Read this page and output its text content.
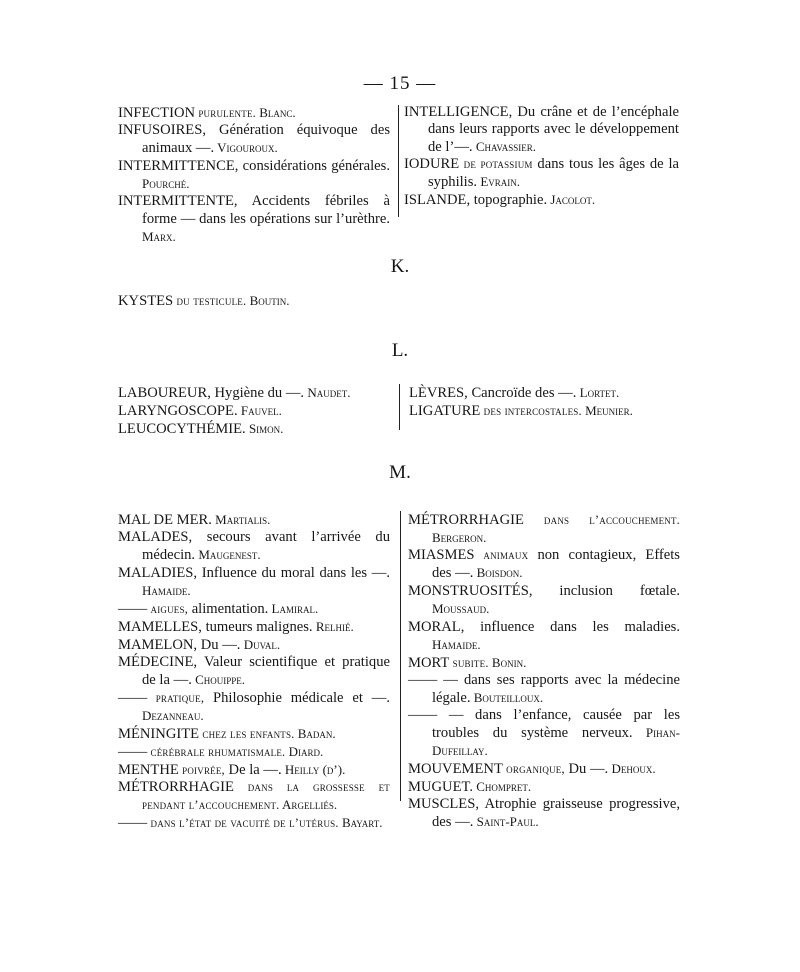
— 15 —
INFECTION purulente. Blanc.
INFUSOIRES, Génération équivoque des animaux —. Vigouroux.
INTERMITTENCE, considérations générales. Pourché.
INTERMITTENTE, Accidents fébriles à forme — dans les opérations sur l’urèthre. Marx.
INTELLIGENCE, Du crâne et de l’encéphale dans leurs rapports avec le développement de l’—. Chavassier.
IODURE de potassium dans tous les âges de la syphilis. Evrain.
ISLANDE, topographie. Jacolot.
K.
KYSTES du testicule. Boutin.
L.
LABOUREUR, Hygiène du —. Naudet.
LARYNGOSCOPE. Fauvel.
LEUCOCYTHÉMIE. Simon.
LÈVRES, Cancroïde des —. Lortet.
LIGATURE des intercostales. Meunier.
M.
MAL DE MER. Martialis.
MALADES, secours avant l’arrivée du médecin. Maugenest.
MALADIES, Influence du moral dans les —. Hamaide.
—— aigues, alimentation. Lamiral.
MAMELLES, tumeurs malignes. Relhié.
MAMELON, Du —. Duval.
MÉDECINE, Valeur scientifique et pratique de la —. Chouippe.
—— pratique, Philosophie médicale et —. Dezanneau.
MÉNINGITE chez les enfants. Badan.
—— cérébrale rhumatismale. Diard.
MENTHE poivrée, De la —. Heilly (d’).
MÉTRORRHAGIE dans la grossesse et pendant l’accouchement. Argelliés.
—— dans l’état de vacuité de l’utérus. Bayart.
MÉTRORRHAGIE dans l’accouchement. Bergeron.
MIASMES animaux non contagieux, Effets des —. Boisdon.
MONSTRUOSITÉS, inclusion fœtale. Moussaud.
MORAL, influence dans les maladies. Hamaide.
MORT subite. Bonin.
—— — dans ses rapports avec la médecine légale. Bouteilloux.
—— — dans l’enfance, causée par les troubles du système nerveux. Pihan-Dufeillay.
MOUVEMENT organique, Du —. Dehoux.
MUGUET. Chompret.
MUSCLES, Atrophie graisseuse progressive, des —. Saint-Paul.
